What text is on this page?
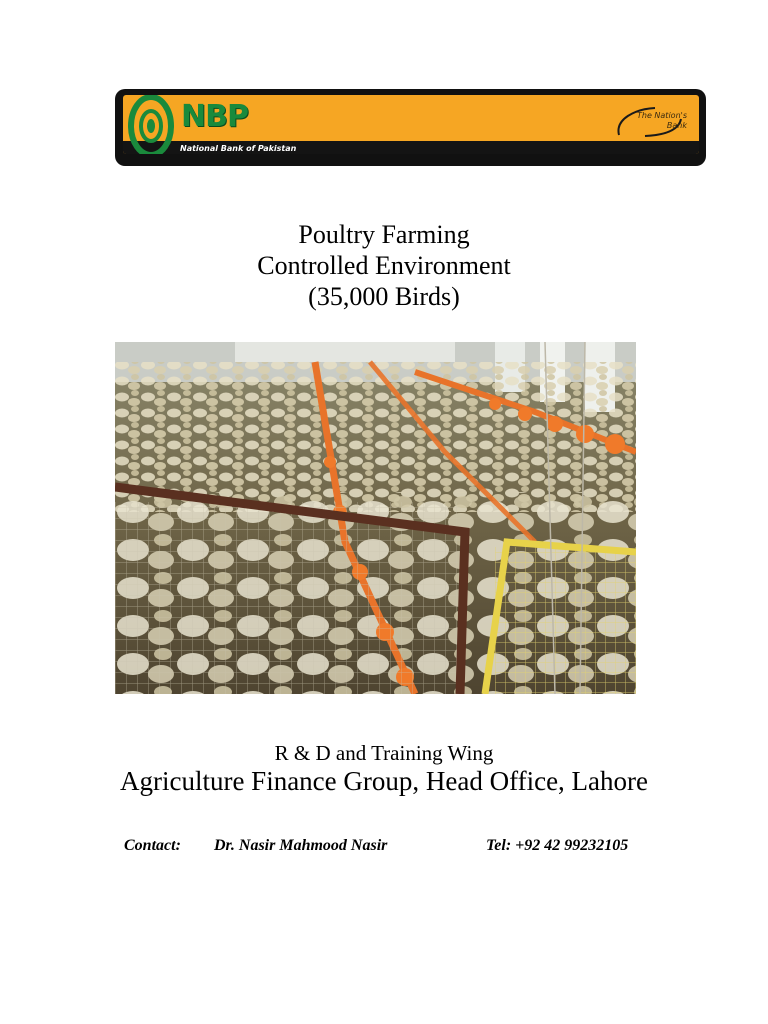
NBP
National Bank of Pakistan
The Nation's Bank
Poultry Farming
Controlled Environment
(35,000 Birds)
R & D and Training Wing
Agriculture Finance Group, Head Office, Lahore
Contact: Dr. Nasir Mahmood Nasir	Tel: +92 42 99232105
